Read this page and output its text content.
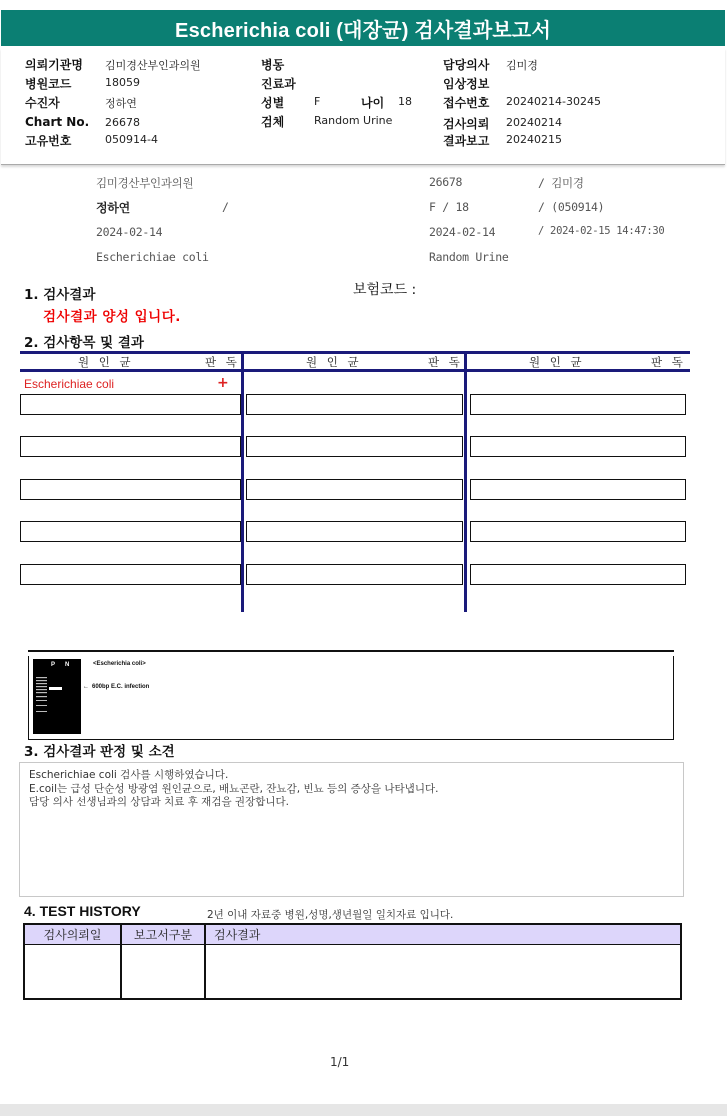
Escherichia coli (대장균) 검사결과보고서
의뢰기관명 김미경산부인과의원
병원코드	18059
수진자	정하연
Chart No. 26678
고유번호	050914-4
병동
진료과
성별	F	나이 18
검체	Random Urine
담당의사 김미경
임상정보
접수번호 20240214-30245
검사의뢰 20240214
결과보고 20240215
김미경산부인과의원	26678	/ 김미경
정하연	/	F / 18	/ (050914)
2024-02-14	2024-02-14	/ 2024-02-15 14:47:30
Escherichiae coli	Random Urine
1. 검사결과	보험코드 :
검사결과 양성 입니다.
2. 검사항목 및 결과
원 인 균	판 독	원 인 균	판 독	원 인 균	판 독
Escherichiae coli	+
P N	<Escherichia coli>
← 600bp E.C. infection
3. 검사결과 판정 및 소견
Escherichiae coli 검사를 시행하였습니다.
E.coil는 급성 단순성 방광염 원인균으로, 배뇨곤란, 잔뇨감, 빈뇨 등의 증상을 나타냅니다.
담당 의사 선생님과의 상담과 치료 후 재검을 권장합니다.
4. TEST HISTORY	2년 이내 자료중 병원,성명,생년월일 일치자료 입니다.
검사의뢰일	보고서구분	검사결과
1/1
